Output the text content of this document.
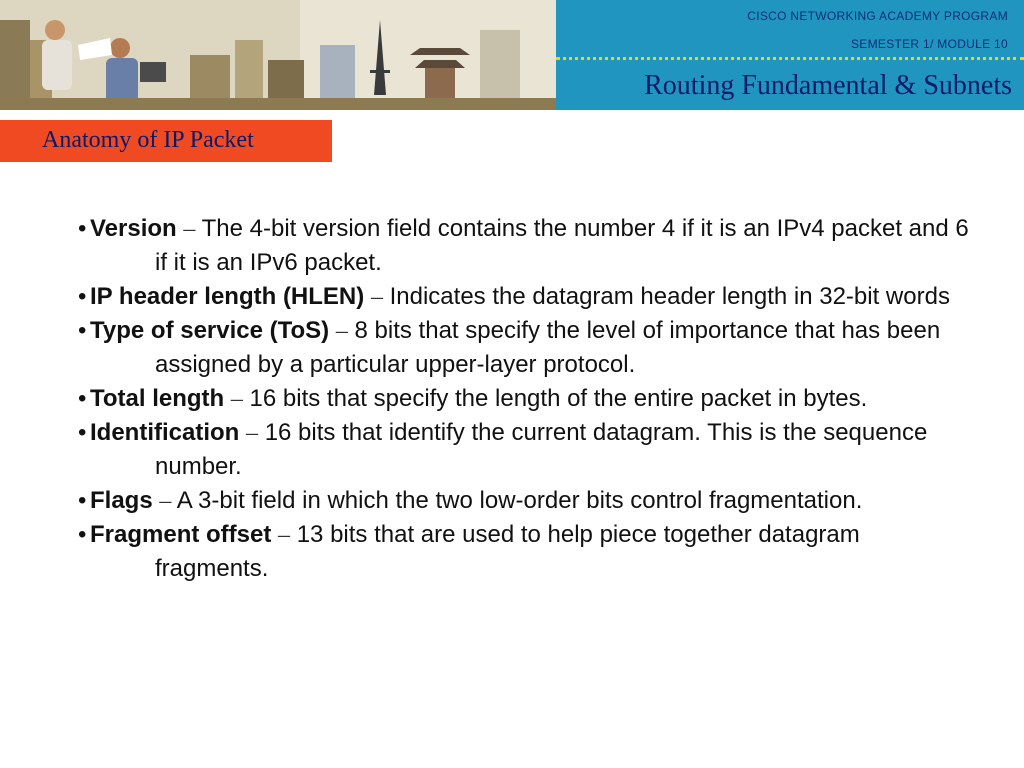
CISCO NETWORKING ACADEMY PROGRAM
SEMESTER 1/ MODULE 10
Routing Fundamental & Subnets
Anatomy of IP Packet
• Version – The 4-bit version field contains the number 4 if it is an IPv4 packet and 6 if it is an IPv6 packet.
• IP header length (HLEN) – Indicates the datagram header length in 32-bit words
• Type of service (ToS) – 8 bits that specify the level of importance that has been assigned by a particular upper-layer protocol.
• Total length – 16 bits that specify the length of the entire packet in bytes.
• Identification – 16 bits that identify the current datagram. This is the sequence number.
• Flags – A 3-bit field in which the two low-order bits control fragmentation.
• Fragment offset – 13 bits that are used to help piece together datagram fragments.
